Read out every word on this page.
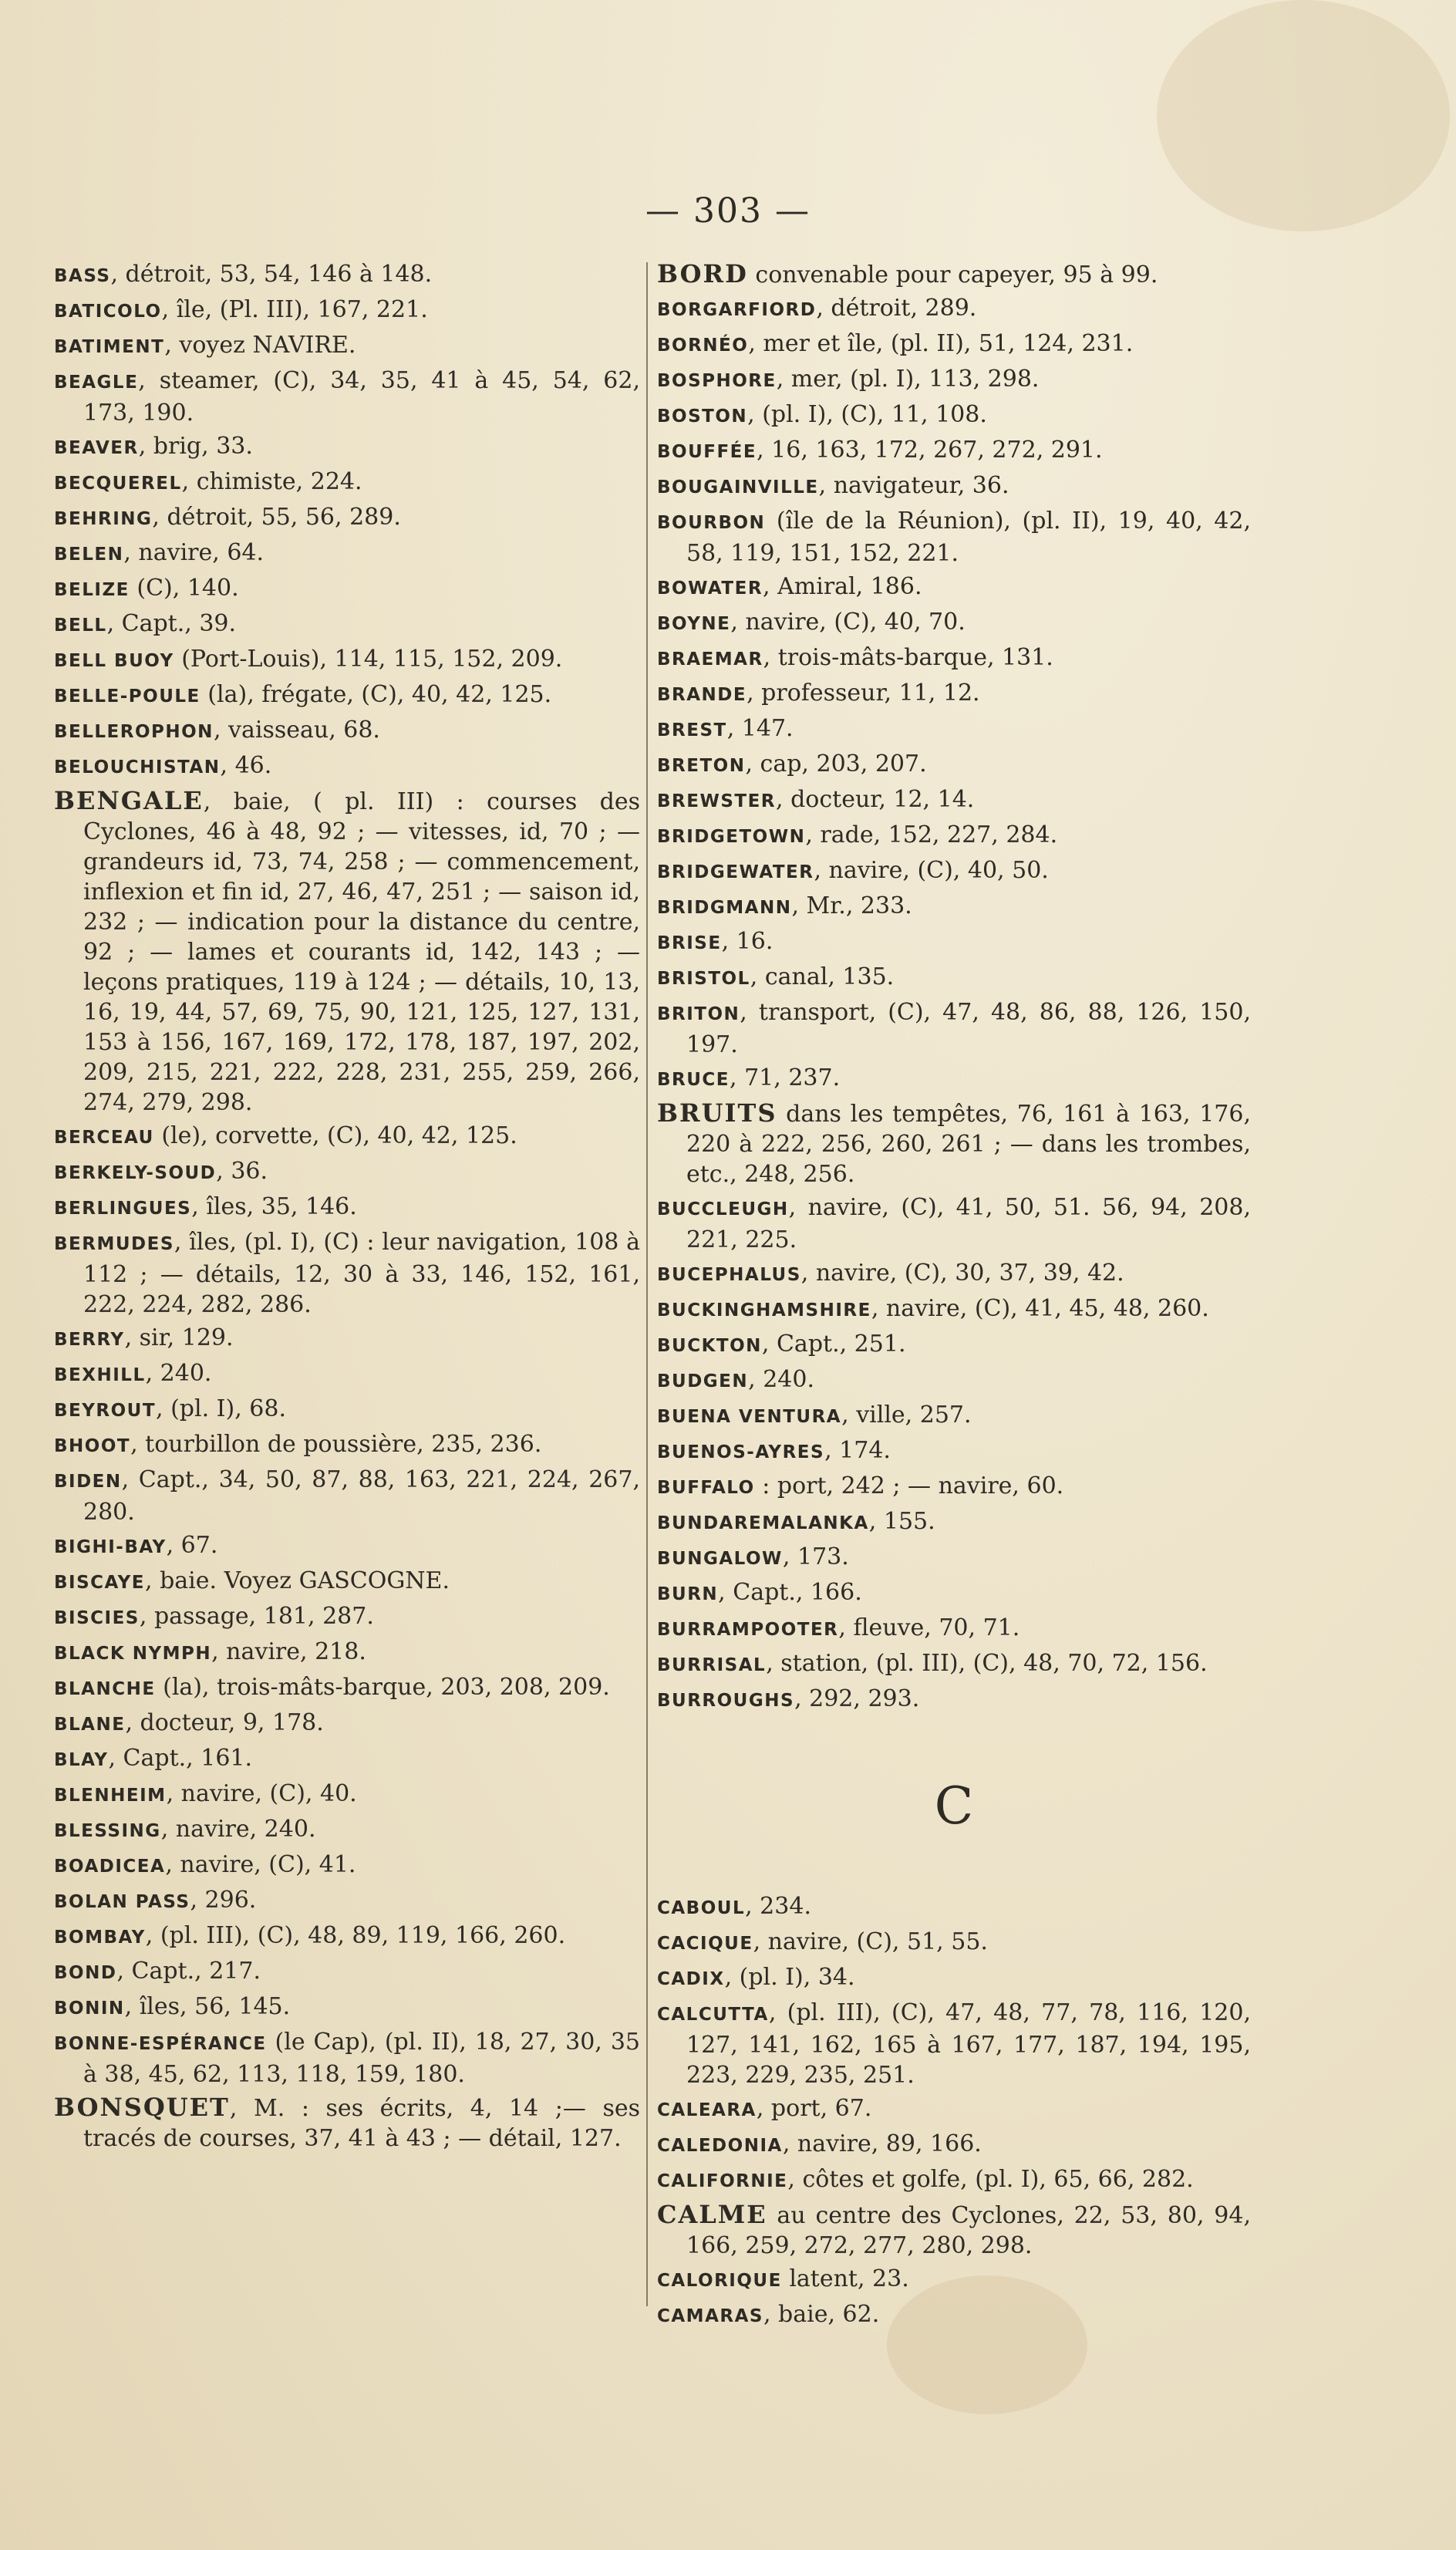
— 303 —
BASS, détroit, 53, 54, 146 à 148.
BATICOLO, île, (Pl. III), 167, 221.
BATIMENT, voyez NAVIRE.
BEAGLE, steamer, (C), 34, 35, 41 à 45, 54, 62, 173, 190.
BEAVER, brig, 33.
BECQUEREL, chimiste, 224.
BEHRING, détroit, 55, 56, 289.
BELEN, navire, 64.
BELIZE (C), 140.
BELL, Capt., 39.
BELL BUOY (Port-Louis), 114, 115, 152, 209.
BELLE-POULE (la), frégate, (C), 40, 42, 125.
BELLEROPHON, vaisseau, 68.
BELOUCHISTAN, 46.
BENGALE, baie, ( pl. III) : courses des Cyclones, 46 à 48, 92 ; — vitesses, id, 70 ; — grandeurs id, 73, 74, 258 ; — commencement, inflexion et fin id, 27, 46, 47, 251 ; — saison id, 232 ; — indication pour la distance du centre, 92 ; — lames et courants id, 142, 143 ; — leçons pratiques, 119 à 124 ; — détails, 10, 13, 16, 19, 44, 57, 69, 75, 90, 121, 125, 127, 131, 153 à 156, 167, 169, 172, 178, 187, 197, 202, 209, 215, 221, 222, 228, 231, 255, 259, 266, 274, 279, 298.
BERCEAU (le), corvette, (C), 40, 42, 125.
BERKELY-SOUD, 36.
BERLINGUES, îles, 35, 146.
BERMUDES, îles, (pl. I), (C) : leur navigation, 108 à 112 ; — détails, 12, 30 à 33, 146, 152, 161, 222, 224, 282, 286.
BERRY, sir, 129.
BEXHILL, 240.
BEYROUT, (pl. I), 68.
BHOOT, tourbillon de poussière, 235, 236.
BIDEN, Capt., 34, 50, 87, 88, 163, 221, 224, 267, 280.
BIGHI-BAY, 67.
BISCAYE, baie. Voyez GASCOGNE.
BISCIES, passage, 181, 287.
BLACK NYMPH, navire, 218.
BLANCHE (la), trois-mâts-barque, 203, 208, 209.
BLANE, docteur, 9, 178.
BLAY, Capt., 161.
BLENHEIM, navire, (C), 40.
BLESSING, navire, 240.
BOADICEA, navire, (C), 41.
BOLAN PASS, 296.
BOMBAY, (pl. III), (C), 48, 89, 119, 166, 260.
BOND, Capt., 217.
BONIN, îles, 56, 145.
BONNE-ESPÉRANCE (le Cap), (pl. II), 18, 27, 30, 35 à 38, 45, 62, 113, 118, 159, 180.
BONSQUET, M. : ses écrits, 4, 14 ;— ses tracés de courses, 37, 41 à 43 ; — détail, 127.
BORD convenable pour capeyer, 95 à 99.
BORGARFIORD, détroit, 289.
BORNÉO, mer et île, (pl. II), 51, 124, 231.
BOSPHORE, mer, (pl. I), 113, 298.
BOSTON, (pl. I), (C), 11, 108.
BOUFFÉE, 16, 163, 172, 267, 272, 291.
BOUGAINVILLE, navigateur, 36.
BOURBON (île de la Réunion), (pl. II), 19, 40, 42, 58, 119, 151, 152, 221.
BOWATER, Amiral, 186.
BOYNE, navire, (C), 40, 70.
BRAEMAR, trois-mâts-barque, 131.
BRANDE, professeur, 11, 12.
BREST, 147.
BRETON, cap, 203, 207.
BREWSTER, docteur, 12, 14.
BRIDGETOWN, rade, 152, 227, 284.
BRIDGEWATER, navire, (C), 40, 50.
BRIDGMANN, Mr., 233.
BRISE, 16.
BRISTOL, canal, 135.
BRITON, transport, (C), 47, 48, 86, 88, 126, 150, 197.
BRUCE, 71, 237.
BRUITS dans les tempêtes, 76, 161 à 163, 176, 220 à 222, 256, 260, 261 ; — dans les trombes, etc., 248, 256.
BUCCLEUGH, navire, (C), 41, 50, 51. 56, 94, 208, 221, 225.
BUCEPHALUS, navire, (C), 30, 37, 39, 42.
BUCKINGHAMSHIRE, navire, (C), 41, 45, 48, 260.
BUCKTON, Capt., 251.
BUDGEN, 240.
BUENA VENTURA, ville, 257.
BUENOS-AYRES, 174.
BUFFALO : port, 242 ; — navire, 60.
BUNDAREMALANKA, 155.
BUNGALOW, 173.
BURN, Capt., 166.
BURRAMPOOTER, fleuve, 70, 71.
BURRISAL, station, (pl. III), (C), 48, 70, 72, 156.
BURROUGHS, 292, 293.
C
CABOUL, 234.
CACIQUE, navire, (C), 51, 55.
CADIX, (pl. I), 34.
CALCUTTA, (pl. III), (C), 47, 48, 77, 78, 116, 120, 127, 141, 162, 165 à 167, 177, 187, 194, 195, 223, 229, 235, 251.
CALEARA, port, 67.
CALEDONIA, navire, 89, 166.
CALIFORNIE, côtes et golfe, (pl. I), 65, 66, 282.
CALME au centre des Cyclones, 22, 53, 80, 94, 166, 259, 272, 277, 280, 298.
CALORIQUE latent, 23.
CAMARAS, baie, 62.
